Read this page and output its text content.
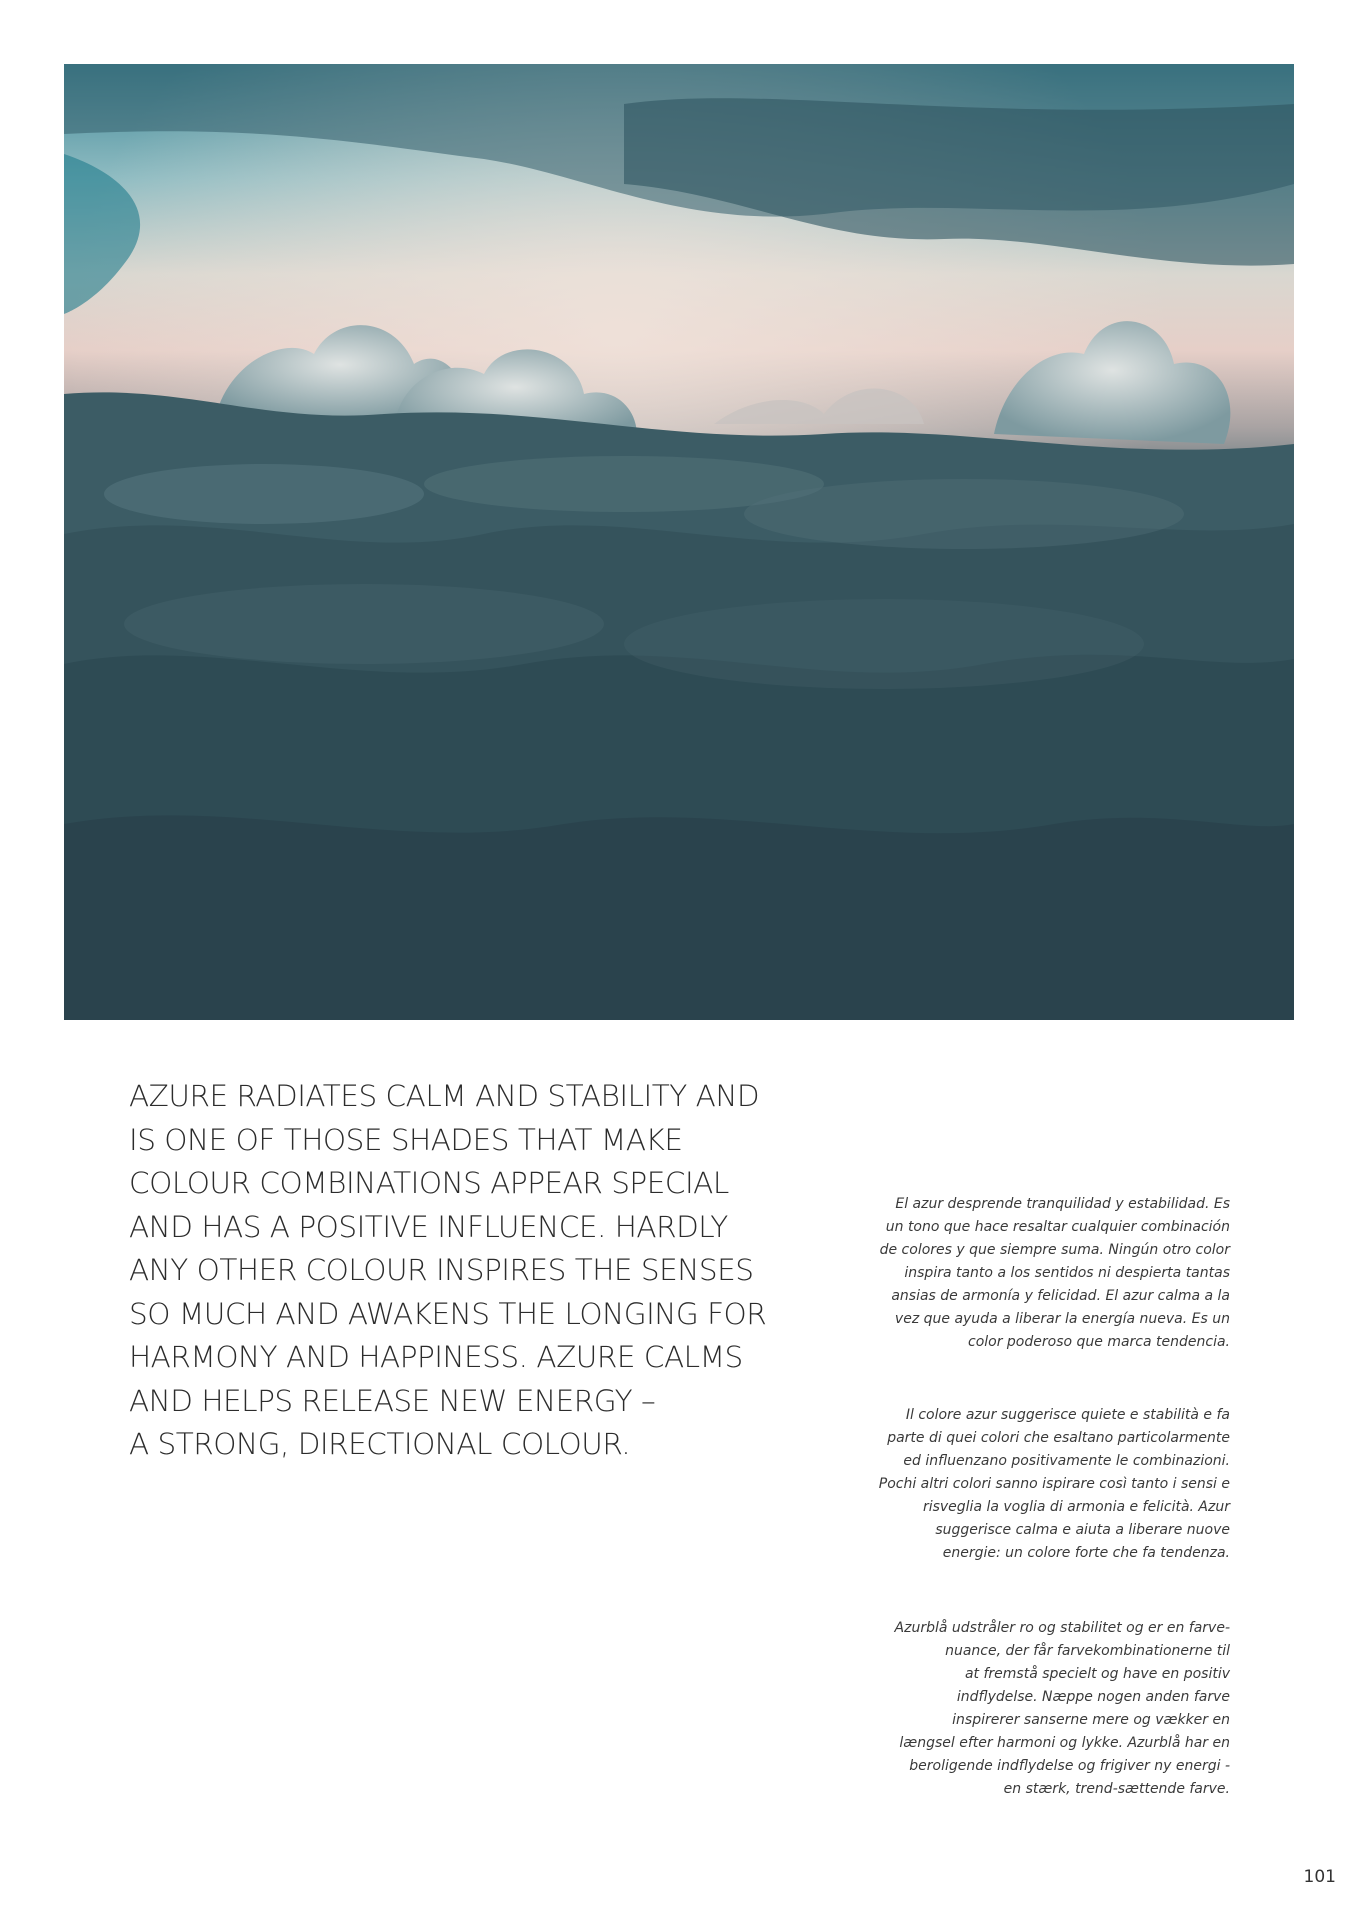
AZURE RADIATES CALM AND STABILITY AND
IS ONE OF THOSE SHADES THAT MAKE
COLOUR COMBINATIONS APPEAR SPECIAL
AND HAS A POSITIVE INFLUENCE. HARDLY
ANY OTHER COLOUR INSPIRES THE SENSES
SO MUCH AND AWAKENS THE LONGING FOR
HARMONY AND HAPPINESS. AZURE CALMS
AND HELPS RELEASE NEW ENERGY –
A STRONG, DIRECTIONAL COLOUR.

El azur desprende tranquilidad y estabilidad. Es
un tono que hace resaltar cualquier combinación
de colores y que siempre suma. Ningún otro color
inspira tanto a los sentidos ni despierta tantas
ansias de armonía y felicidad. El azur calma a la
vez que ayuda a liberar la energía nueva. Es un
color poderoso que marca tendencia.

Il colore azur suggerisce quiete e stabilità e fa
parte di quei colori che esaltano particolarmente
ed influenzano positivamente le combinazioni.
Pochi altri colori sanno ispirare così tanto i sensi e
risveglia la voglia di armonia e felicità. Azur
suggerisce calma e aiuta a liberare nuove
energie: un colore forte che fa tendenza.

Azurblå udstråler ro og stabilitet og er en farve-
nuance, der får farvekombinationerne til
at fremstå specielt og have en positiv
indflydelse. Næppe nogen anden farve
inspirerer sanserne mere og vækker en
længsel efter harmoni og lykke. Azurblå har en
beroligende indflydelse og frigiver ny energi -
en stærk, trend-sættende farve.

101
